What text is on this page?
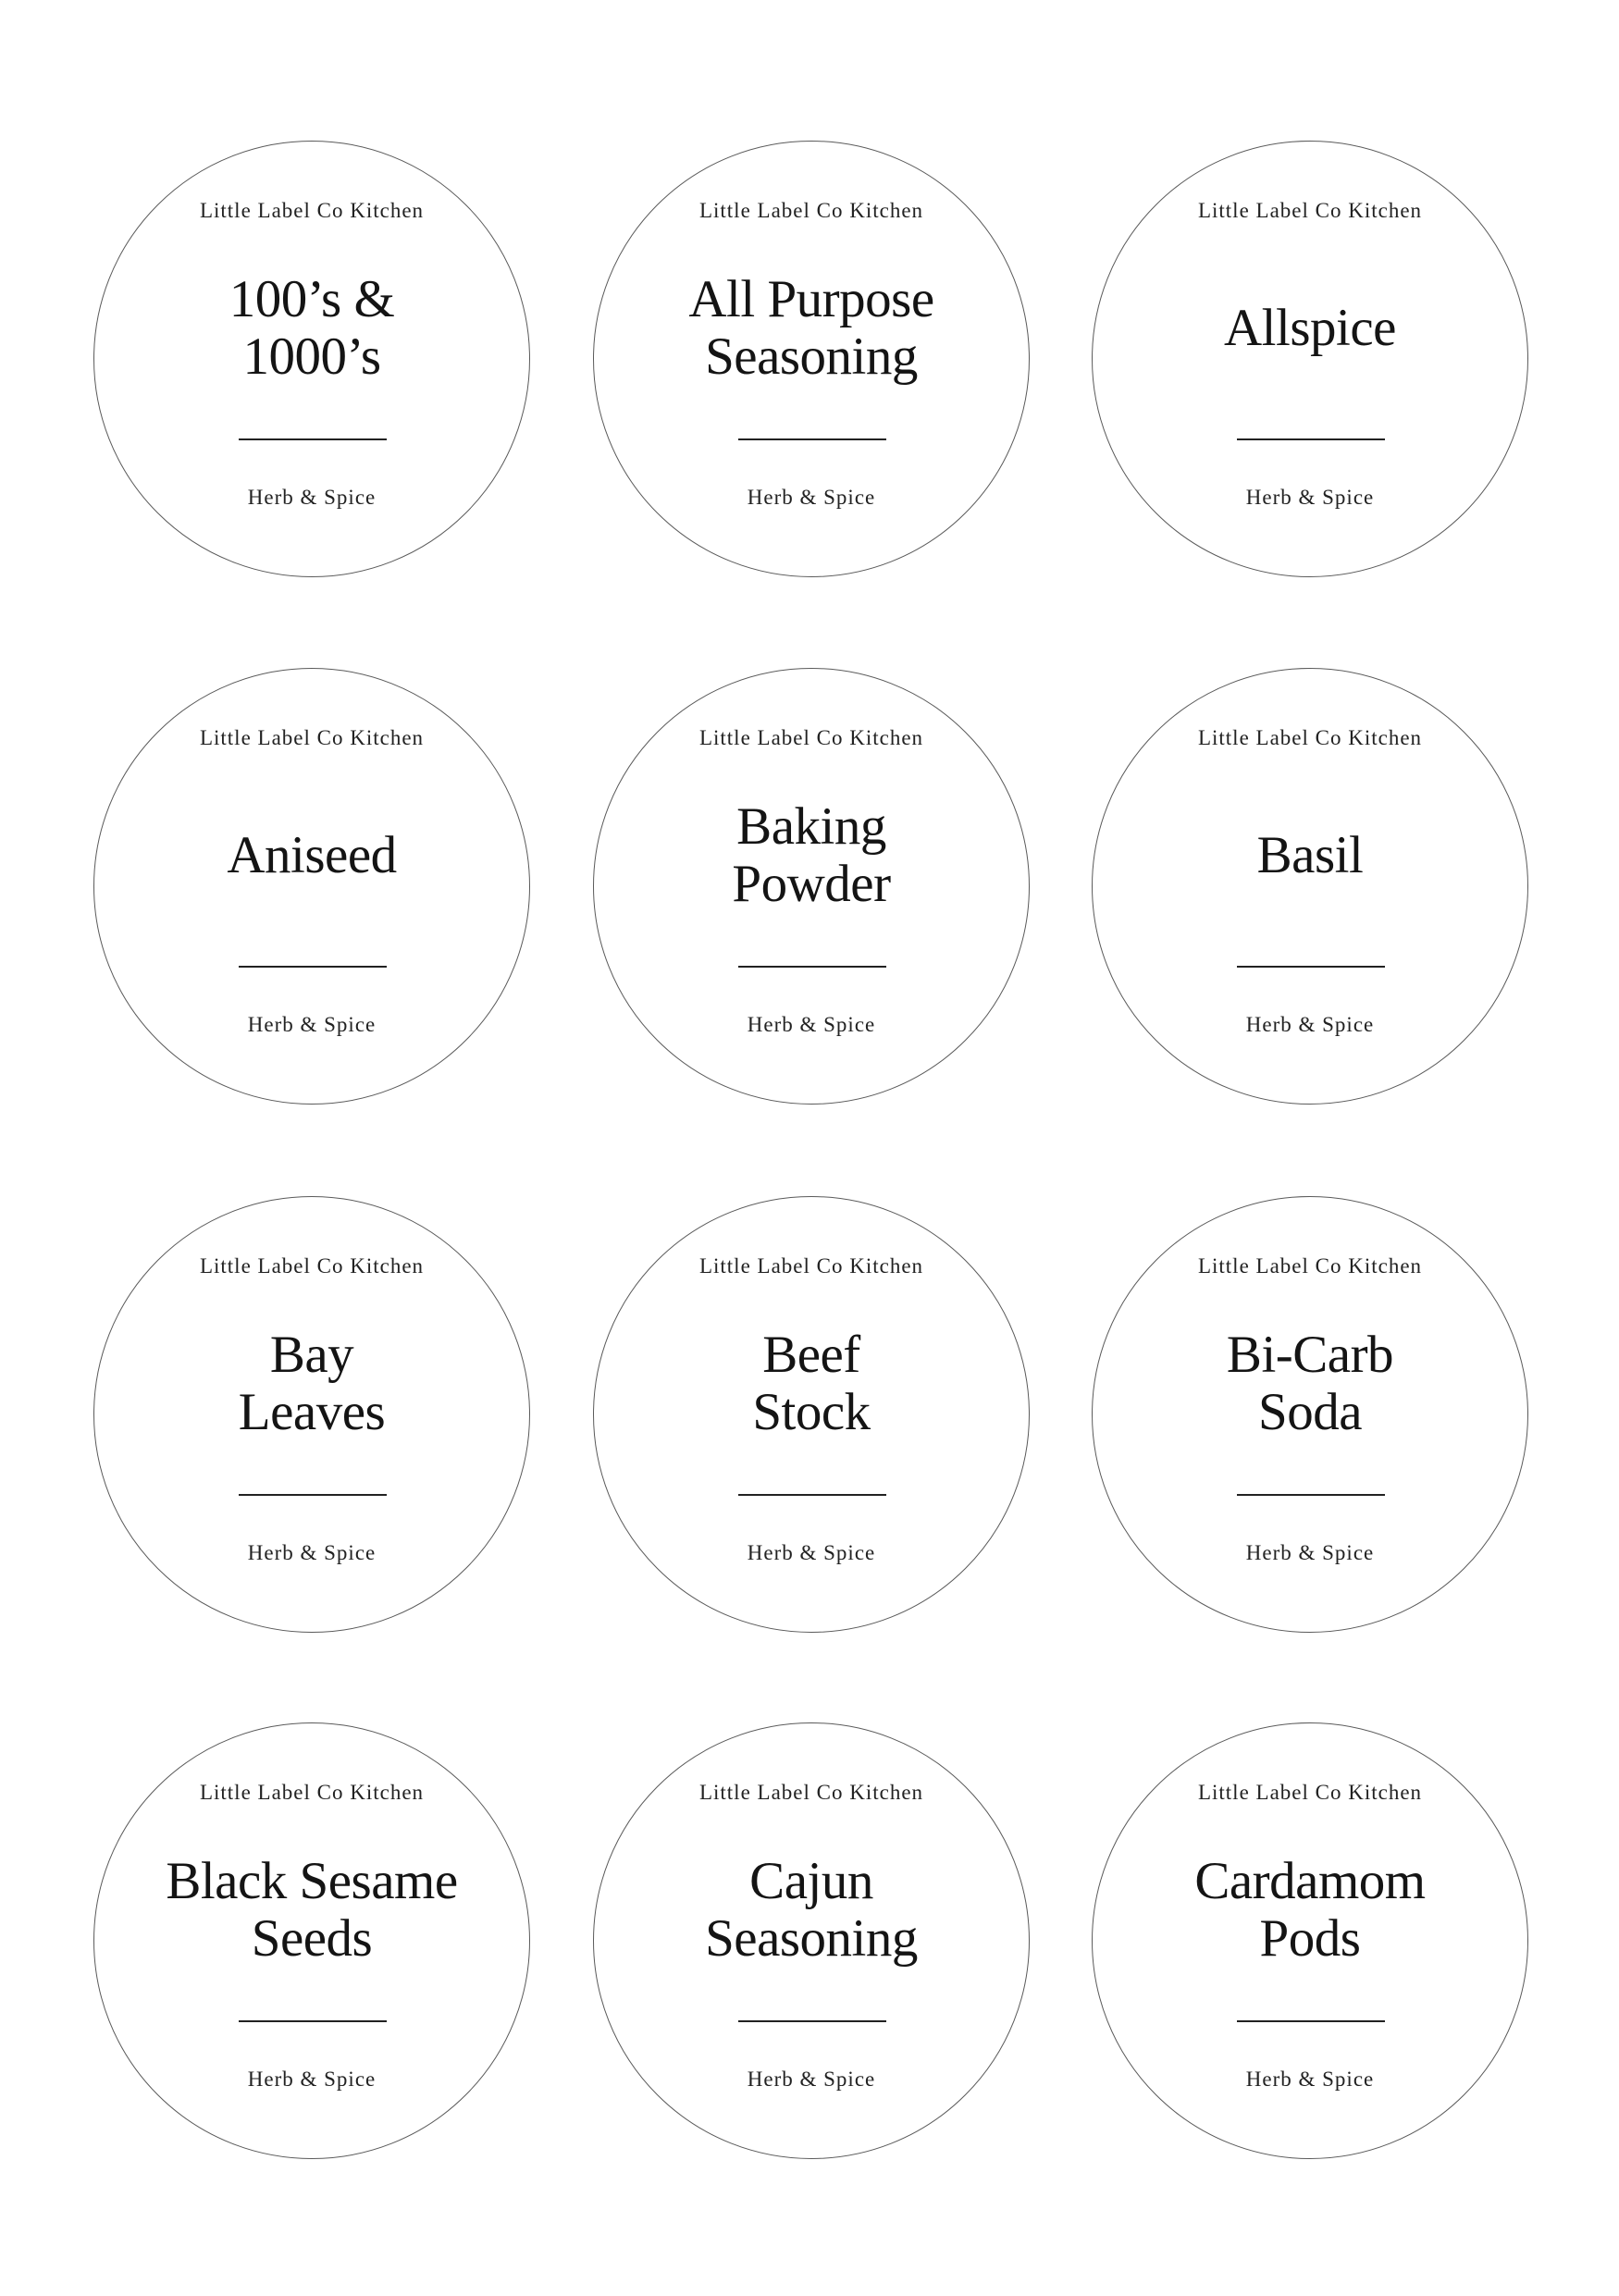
Little Label Co Kitchen
100’s &
1000’s
Herb & Spice
Little Label Co Kitchen
All Purpose
Seasoning
Herb & Spice
Little Label Co Kitchen
Allspice
Herb & Spice
Little Label Co Kitchen
Aniseed
Herb & Spice
Little Label Co Kitchen
Baking
Powder
Herb & Spice
Little Label Co Kitchen
Basil
Herb & Spice
Little Label Co Kitchen
Bay
Leaves
Herb & Spice
Little Label Co Kitchen
Beef
Stock
Herb & Spice
Little Label Co Kitchen
Bi-Carb
Soda
Herb & Spice
Little Label Co Kitchen
Black Sesame
Seeds
Herb & Spice
Little Label Co Kitchen
Cajun
Seasoning
Herb & Spice
Little Label Co Kitchen
Cardamom
Pods
Herb & Spice
